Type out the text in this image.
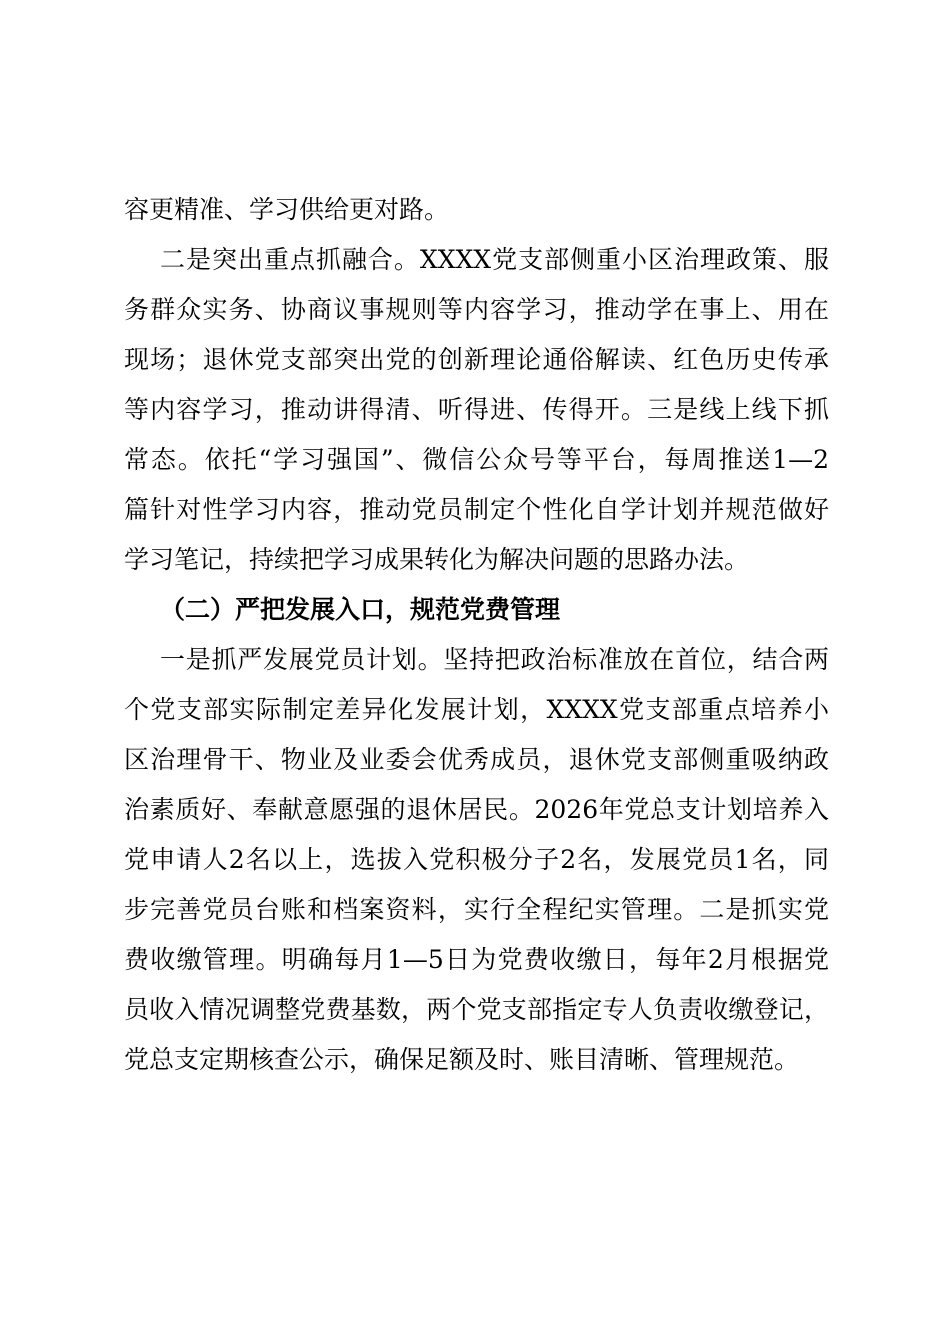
容更精准、学习供给更对路。
二是突出重点抓融合。XXXX党支部侧重小区治理政策、服
务群众实务、协商议事规则等内容学习，推动学在事上、用在
现场；退休党支部突出党的创新理论通俗解读、红色历史传承
等内容学习，推动讲得清、听得进、传得开。三是线上线下抓
常态。依托“学习强国”、微信公众号等平台，每周推送1—2
篇针对性学习内容，推动党员制定个性化自学计划并规范做好
学习笔记，持续把学习成果转化为解决问题的思路办法。
（二）严把发展入口，规范党费管理
一是抓严发展党员计划。坚持把政治标准放在首位，结合两
个党支部实际制定差异化发展计划，XXXX党支部重点培养小
区治理骨干、物业及业委会优秀成员，退休党支部侧重吸纳政
治素质好、奉献意愿强的退休居民。2026年党总支计划培养入
党申请人2名以上，选拔入党积极分子2名，发展党员1名，同
步完善党员台账和档案资料，实行全程纪实管理。二是抓实党
费收缴管理。明确每月1—5日为党费收缴日，每年2月根据党
员收入情况调整党费基数，两个党支部指定专人负责收缴登记，
党总支定期核查公示，确保足额及时、账目清晰、管理规范。
